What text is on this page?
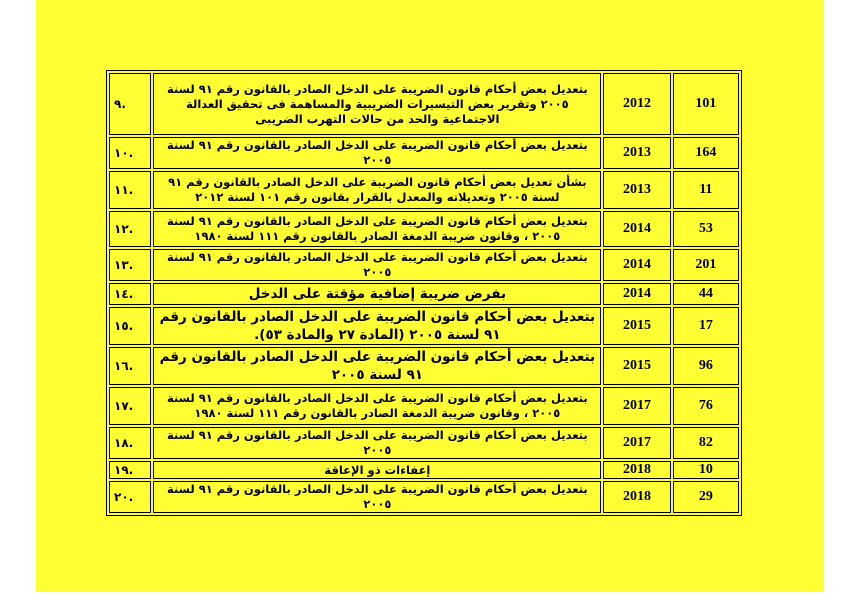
.٩	بتعديل بعض أحكام قانون الضريبة على الدخل الصادر بالقانون رقم ٩١ لسنة ٢٠٠٥ وتقرير بعض التيسيرات الضريبية والمساهمة فى تحقيق العدالة الاجتماعية والحد من حالات التهرب الضريبى	2012	101
.١٠	بتعديل بعض أحكام قانون الضريبة على الدخل الصادر بالقانون رقم ٩١ لسنة ٢٠٠٥	2013	164
.١١	بشأن تعديل بعض أحكام قانون الضريبة على الدخل الصادر بالقانون رقم ٩١ لسنة ٢٠٠٥ وتعديلاته والمعدل بالقرار بقانون رقم ١٠١ لسنة ٢٠١٢	2013	11
.١٢	بتعديل بعض أحكام قانون الضريبة على الدخل الصادر بالقانون رقم ٩١ لسنة ٢٠٠٥ ، وقانون ضريبة الدمغة الصادر بالقانون رقم ١١١ لسنة ١٩٨٠	2014	53
.١٣	بتعديل بعض أحكام قانون الضريبة على الدخل الصادر بالقانون رقم ٩١ لسنة ٢٠٠٥	2014	201
.١٤	بفرض ضريبة إضافية مؤقتة على الدخل	2014	44
.١٥	بتعديل بعض أحكام قانون الضريبة على الدخل الصادر بالقانون رقم ٩١ لسنة ٢٠٠٥ (المادة ٢٧ والمادة ٥٣).	2015	17
.١٦	بتعديل بعض أحكام قانون الضريبة على الدخل الصادر بالقانون رقم ٩١ لسنة ٢٠٠٥	2015	96
.١٧	بتعديل بعض أحكام قانون الضريبة على الدخل الصادر بالقانون رقم ٩١ لسنة ٢٠٠٥ ، وقانون ضريبة الدمغة الصادر بالقانون رقم ١١١ لسنة ١٩٨٠	2017	76
.١٨	بتعديل بعض أحكام قانون الضريبة على الدخل الصادر بالقانون رقم ٩١ لسنة ٢٠٠٥	2017	82
.١٩	إعفاءات ذو الإعاقة	2018	10
.٢٠	بتعديل بعض أحكام قانون الضريبة على الدخل الصادر بالقانون رقم ٩١ لسنة ٢٠٠٥	2018	29
